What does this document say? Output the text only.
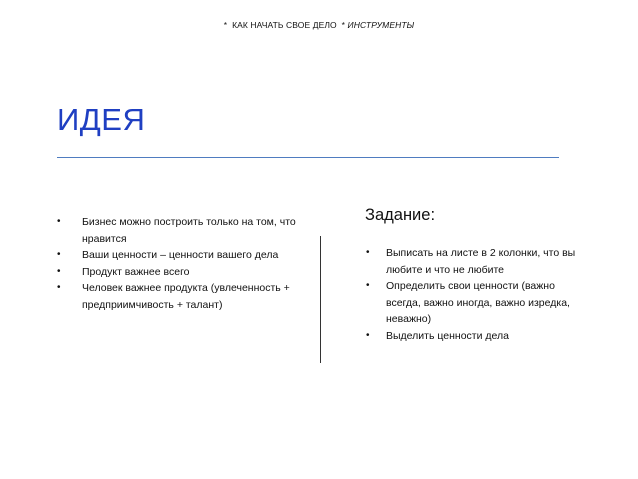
*  КАК НАЧАТЬ СВОЕ ДЕЛО  * ИНСТРУМЕНТЫ
ИДЕЯ
• Бизнес можно построить только на том, что нравится
• Ваши ценности – ценности вашего дела
• Продукт важнее всего
• Человек важнее продукта (увлеченность + предприимчивость + талант)
Задание:
• Выписать на листе в 2 колонки, что вы любите и что не любите
• Определить свои ценности (важно всегда, важно иногда, важно изредка, неважно)
• Выделить ценности дела
